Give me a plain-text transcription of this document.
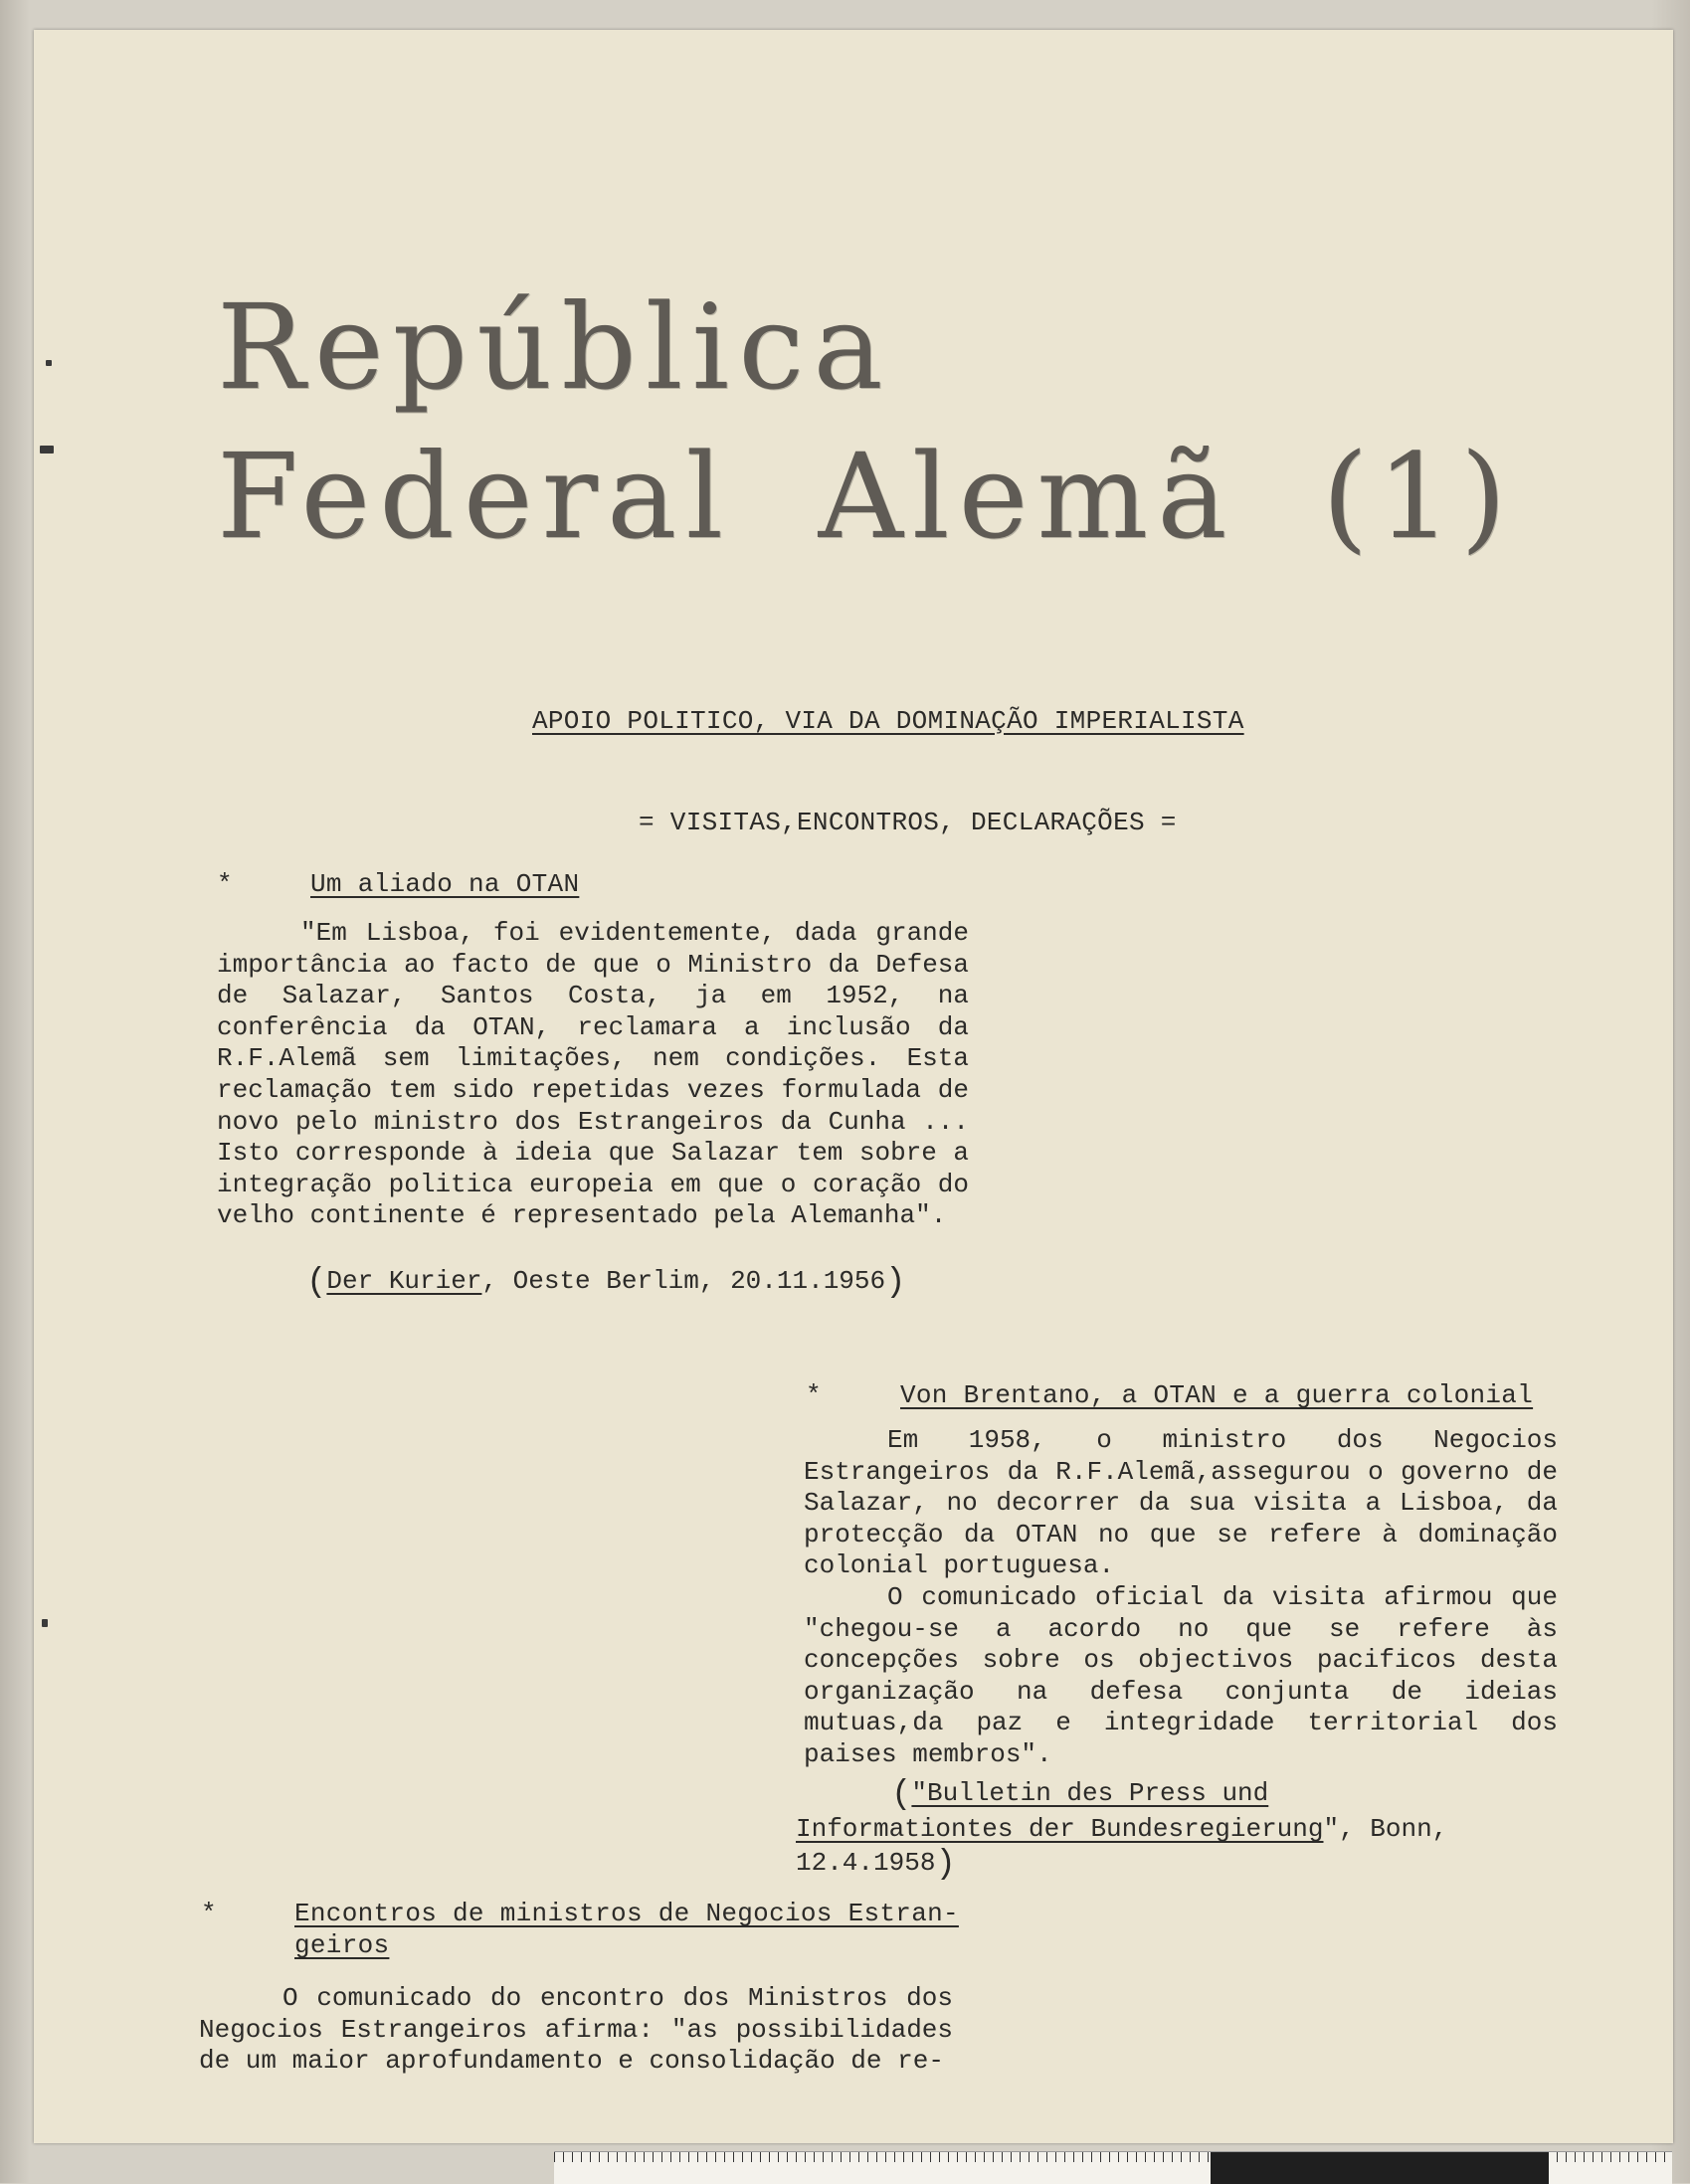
República
Federal Alemã (1)
APOIO POLITICO, VIA DA DOMINAÇÃO IMPERIALISTA
= VISITAS,ENCONTROS, DECLARAÇÕES =
*	Um aliado na OTAN

"Em Lisboa, foi evidentemente, dada grande importância ao facto de que o Ministro da Defesa de Salazar, Santos Costa, ja em 1952, na conferência da OTAN, reclamara a inclusão da R.F.Alemã sem limitações, nem condições. Esta reclamação tem sido repetidas vezes formulada de novo pelo ministro dos Estrangeiros da Cunha ... Isto corresponde à ideia que Salazar tem sobre a integração politica europeia em que o coração do velho continente é representado pela Alemanha".

(Der Kurier, Oeste Berlim, 20.11.1956)
*	Von Brentano, a OTAN e a guerra colonial

Em 1958, o ministro dos Negocios Estrangeiros da R.F.Alemã,assegurou o governo de Salazar, no decorrer da sua visita a Lisboa, da protecção da OTAN no que se refere à dominação colonial portuguesa.

O comunicado oficial da visita afirmou que "chegou-se a acordo no que se refere às concepções sobre os objectivos pacificos desta organização na defesa conjunta de ideias mutuas,da paz e integridade territorial dos paises membros".

("Bulletin des Press und Informationtes der Bundesregierung", Bonn, 12.4.1958)
*	Encontros de ministros de Negocios Estran-
geiros

O comunicado do encontro dos Ministros dos Negocios Estrangeiros afirma: "as possibilidades de um maior aprofundamento e consolidação de re-
